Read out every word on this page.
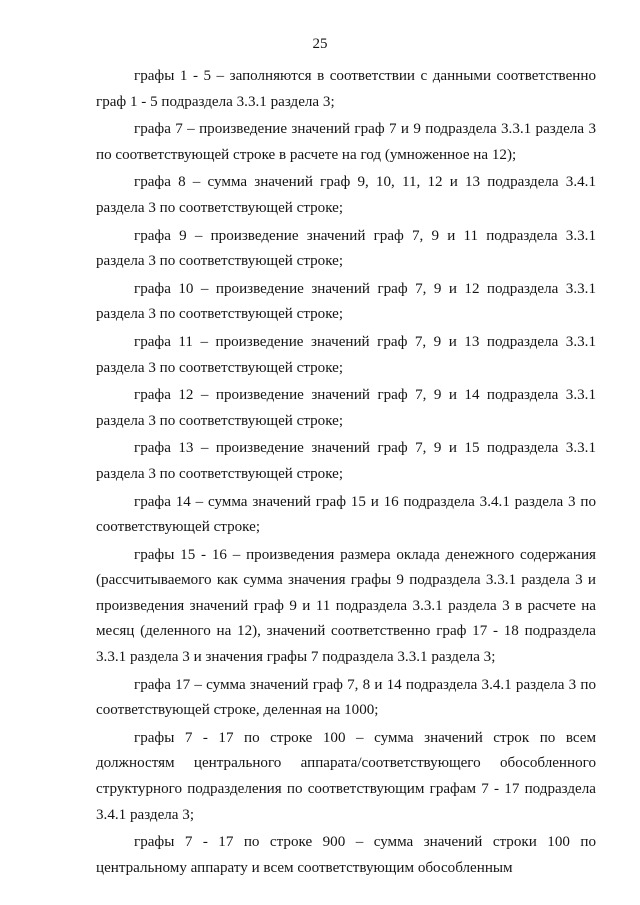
25

графы 1 - 5 – заполняются в соответствии с данными соответственно граф 1 - 5 подраздела 3.3.1 раздела 3;

графа 7 – произведение значений граф 7 и 9 подраздела 3.3.1 раздела 3 по соответствующей строке в расчете на год (умноженное на 12);

графа 8 – сумма значений граф 9, 10, 11, 12 и 13 подраздела 3.4.1 раздела 3 по соответствующей строке;

графа 9 – произведение значений граф 7, 9 и 11 подраздела 3.3.1 раздела 3 по соответствующей строке;

графа 10 – произведение значений граф 7, 9 и 12 подраздела 3.3.1 раздела 3 по соответствующей строке;

графа 11 – произведение значений граф 7, 9 и 13 подраздела 3.3.1 раздела 3 по соответствующей строке;

графа 12 – произведение значений граф 7, 9 и 14 подраздела 3.3.1 раздела 3 по соответствующей строке;

графа 13 – произведение значений граф 7, 9 и 15 подраздела 3.3.1 раздела 3 по соответствующей строке;

графа 14 – сумма значений граф 15 и 16 подраздела 3.4.1 раздела 3 по соответствующей строке;

графы 15 - 16 – произведения размера оклада денежного содержания (рассчитываемого как сумма значения графы 9 подраздела 3.3.1 раздела 3 и произведения значений граф 9 и 11 подраздела 3.3.1 раздела 3 в расчете на месяц (деленного на 12), значений соответственно граф 17 - 18 подраздела 3.3.1 раздела 3 и значения графы 7 подраздела 3.3.1 раздела 3;

графа 17 – сумма значений граф 7, 8 и 14 подраздела 3.4.1 раздела 3 по соответствующей строке, деленная на 1000;

графы 7 - 17 по строке 100 – сумма значений строк по всем должностям центрального аппарата/соответствующего обособленного структурного подразделения по соответствующим графам 7 - 17 подраздела 3.4.1 раздела 3;

графы 7 - 17 по строке 900 – сумма значений строки 100 по центральному аппарату и всем соответствующим обособленным
